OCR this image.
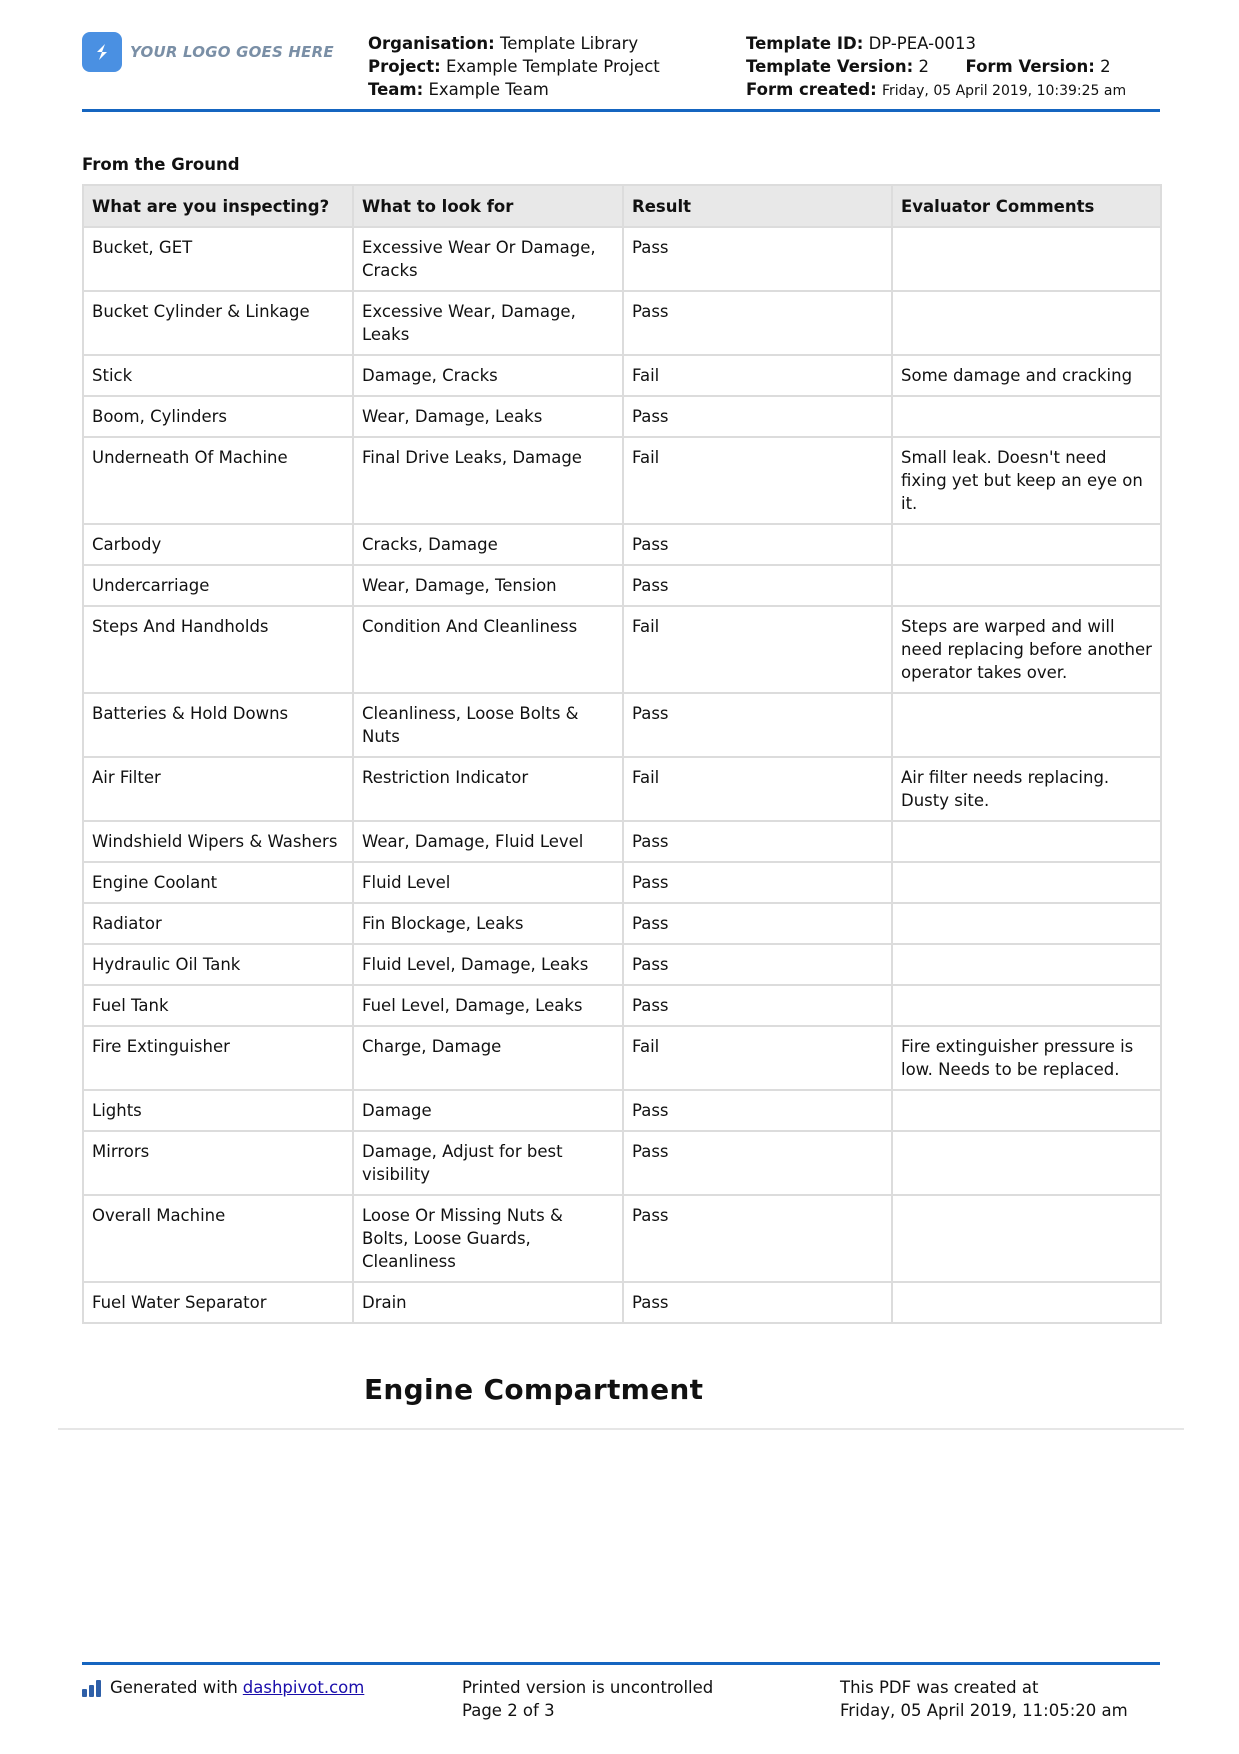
YOUR LOGO GOES HERE Organisation: Template Library
Project: Example Template Project
Team: Example Team
Template ID: DP-PEA-0013
Template Version: 2 Form Version: 2
Form created: Friday, 05 April 2019, 10:39:25 am
From the Ground
What are you inspecting?	What to look for	Result	Evaluator Comments
Bucket, GET	Excessive Wear Or Damage, Cracks	Pass	
Bucket Cylinder & Linkage	Excessive Wear, Damage, Leaks	Pass	
Stick	Damage, Cracks	Fail	Some damage and cracking
Boom, Cylinders	Wear, Damage, Leaks	Pass	
Underneath Of Machine	Final Drive Leaks, Damage	Fail	Small leak. Doesn't need fixing yet but keep an eye on it.
Carbody	Cracks, Damage	Pass	
Undercarriage	Wear, Damage, Tension	Pass	
Steps And Handholds	Condition And Cleanliness	Fail	Steps are warped and will need replacing before another operator takes over.
Batteries & Hold Downs	Cleanliness, Loose Bolts & Nuts	Pass	
Air Filter	Restriction Indicator	Fail	Air filter needs replacing. Dusty site.
Windshield Wipers & Washers	Wear, Damage, Fluid Level	Pass	
Engine Coolant	Fluid Level	Pass	
Radiator	Fin Blockage, Leaks	Pass	
Hydraulic Oil Tank	Fluid Level, Damage, Leaks	Pass	
Fuel Tank	Fuel Level, Damage, Leaks	Pass	
Fire Extinguisher	Charge, Damage	Fail	Fire extinguisher pressure is low. Needs to be replaced.
Lights	Damage	Pass	
Mirrors	Damage, Adjust for best visibility	Pass	
Overall Machine	Loose Or Missing Nuts & Bolts, Loose Guards, Cleanliness	Pass	
Fuel Water Separator	Drain	Pass	
Engine Compartment
Generated with dashpivot.com	Printed version is uncontrolled
Page 2 of 3
This PDF was created at
Friday, 05 April 2019, 11:05:20 am
